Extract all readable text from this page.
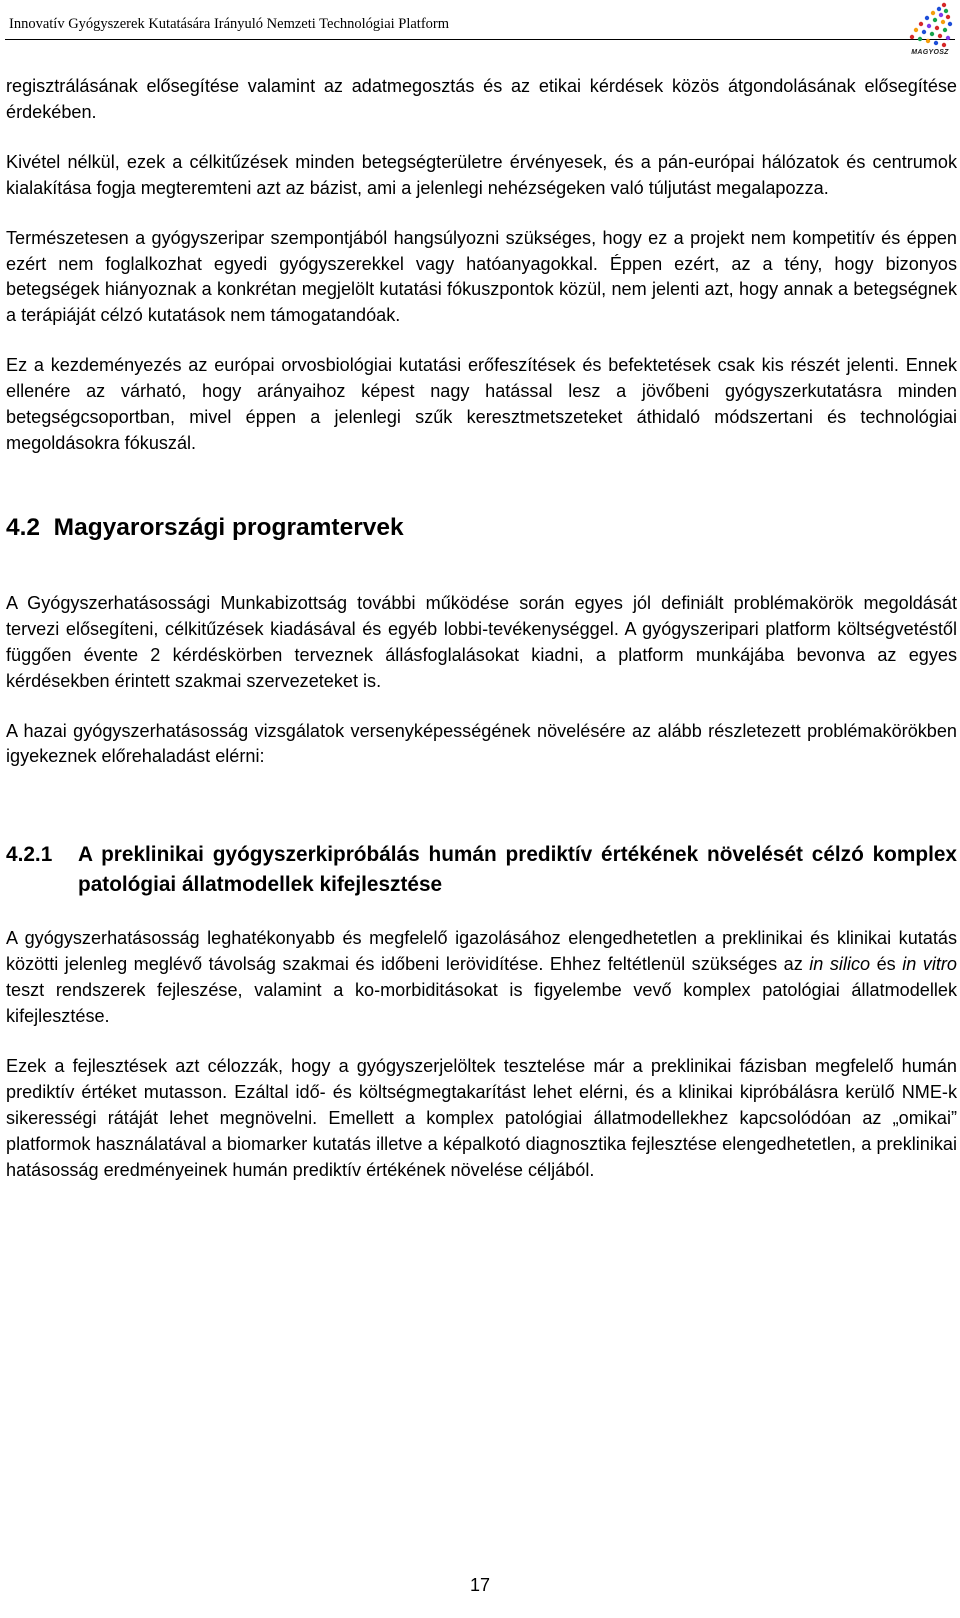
Innovatív Gyógyszerek Kutatására Irányuló Nemzeti Technológiai Platform
MAGYOSZ

regisztrálásának elősegítése valamint az adatmegosztás és az etikai kérdések közös átgondolásának elősegítése érdekében.

Kivétel nélkül, ezek a célkitűzések minden betegségterületre érvényesek, és a pán-európai hálózatok és centrumok kialakítása fogja megteremteni azt az bázist, ami a jelenlegi nehézségeken való túljutást megalapozza.

Természetesen a gyógyszeripar szempontjából hangsúlyozni szükséges, hogy ez a projekt nem kompetitív és éppen ezért nem foglalkozhat egyedi gyógyszerekkel vagy hatóanyagokkal. Éppen ezért, az a tény, hogy bizonyos betegségek hiányoznak a konkrétan megjelölt kutatási fókuszpontok közül, nem jelenti azt, hogy annak a betegségnek a terápiáját célzó kutatások nem támogatandóak.

Ez a kezdeményezés az európai orvosbiológiai kutatási erőfeszítések és befektetések csak kis részét jelenti. Ennek ellenére az várható, hogy arányaihoz képest nagy hatással lesz a jövőbeni gyógyszerkutatásra minden betegségcsoportban, mivel éppen a jelenlegi szűk keresztmetszeteket áthidaló módszertani és technológiai megoldásokra fókuszál.

4.2  Magyarországi programtervek

A Gyógyszerhatásossági Munkabizottság további működése során egyes jól definiált problémakörök megoldását tervezi elősegíteni, célkitűzések kiadásával és egyéb lobbi-tevékenységgel. A gyógyszeripari platform költségvetéstől függően évente 2 kérdéskörben terveznek állásfoglalásokat kiadni, a platform munkájába bevonva az egyes kérdésekben érintett szakmai szervezeteket is.

A hazai gyógyszerhatásosság vizsgálatok versenyképességének növelésére az alább részletezett problémakörökben igyekeznek előrehaladást elérni:

4.2.1	A preklinikai gyógyszerkipróbálás humán prediktív értékének növelését célzó komplex patológiai állatmodellek kifejlesztése

A gyógyszerhatásosság leghatékonyabb és megfelelő igazolásához elengedhetetlen a preklinikai és klinikai kutatás közötti jelenleg meglévő távolság szakmai és időbeni lerövidítése. Ehhez feltétlenül szükséges az in silico és in vitro teszt rendszerek fejleszése, valamint a ko-morbiditásokat is figyelembe vevő komplex patológiai állatmodellek kifejlesztése.

Ezek a fejlesztések azt célozzák, hogy a gyógyszerjelöltek tesztelése már a preklinikai fázisban megfelelő humán prediktív értéket mutasson. Ezáltal idő- és költségmegtakarítást lehet elérni, és a klinikai kipróbálásra kerülő NME-k sikerességi rátáját lehet megnövelni. Emellett a komplex patológiai állatmodellekhez kapcsolódóan az „omikai” platformok használatával a biomarker kutatás illetve a képalkotó diagnosztika fejlesztése elengedhetetlen, a preklinikai hatásosság eredményeinek humán prediktív értékének növelése céljából.

17
